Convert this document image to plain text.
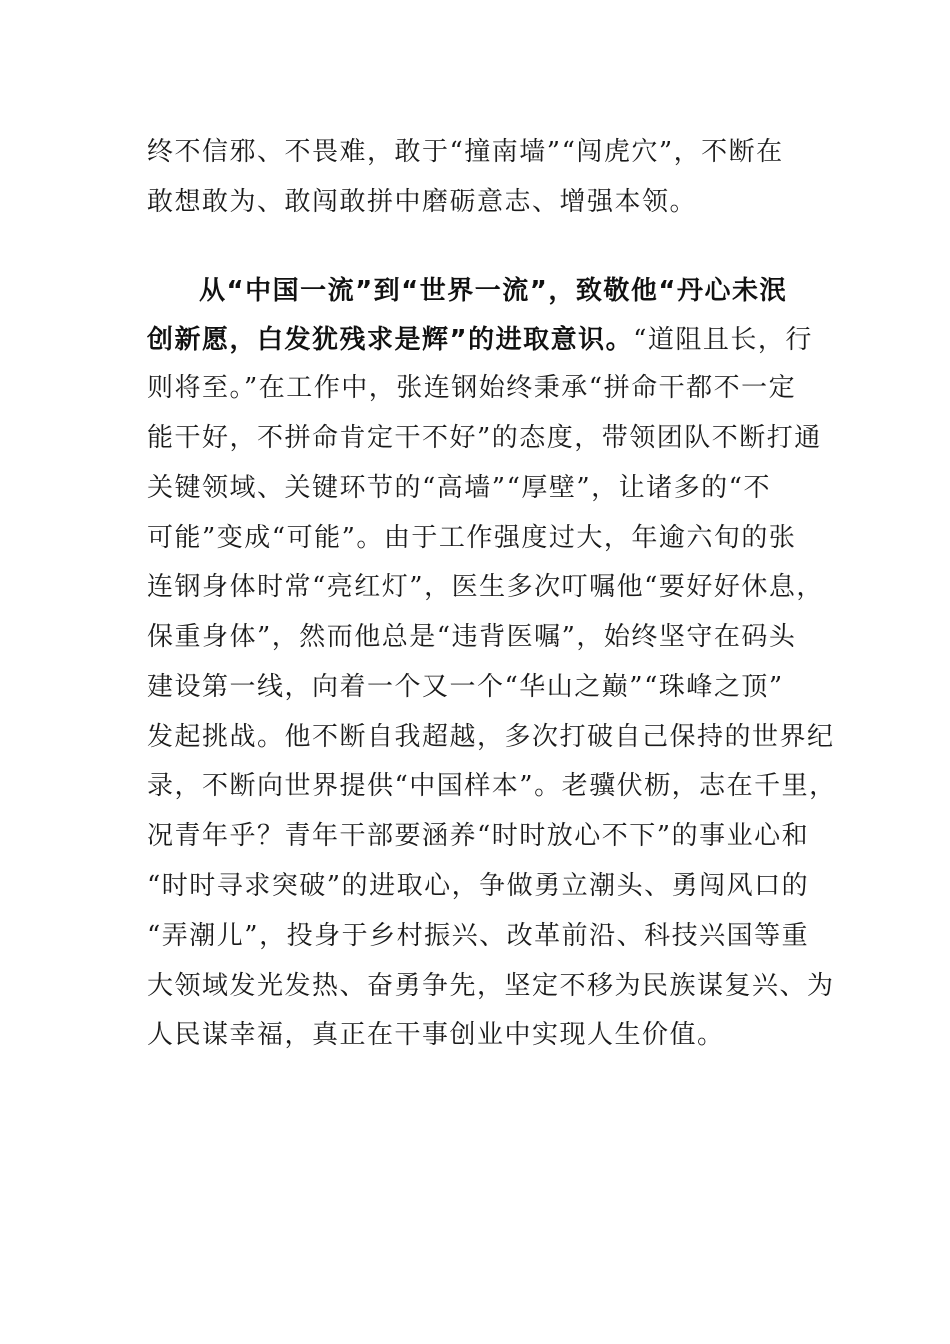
终不信邪、不畏难，敢于“撞南墙”“闯虎穴”，不断在
敢想敢为、敢闯敢拼中磨砺意志、增强本领。
从“中国一流”到“世界一流”，致敬他“丹心未泯
创新愿，白发犹残求是辉”的进取意识。“道阻且长，行
则将至。”在工作中，张连钢始终秉承“拼命干都不一定
能干好，不拼命肯定干不好”的态度，带领团队不断打通
关键领域、关键环节的“高墙”“厚壁”，让诸多的“不
可能”变成“可能”。由于工作强度过大，年逾六旬的张
连钢身体时常“亮红灯”，医生多次叮嘱他“要好好休息，
保重身体”，然而他总是“违背医嘱”，始终坚守在码头
建设第一线，向着一个又一个“华山之巅”“珠峰之顶”
发起挑战。他不断自我超越，多次打破自己保持的世界纪
录，不断向世界提供“中国样本”。老骥伏枥，志在千里，
况青年乎？青年干部要涵养“时时放心不下”的事业心和
“时时寻求突破”的进取心，争做勇立潮头、勇闯风口的
“弄潮儿”，投身于乡村振兴、改革前沿、科技兴国等重
大领域发光发热、奋勇争先，坚定不移为民族谋复兴、为
人民谋幸福，真正在干事创业中实现人生价值。
